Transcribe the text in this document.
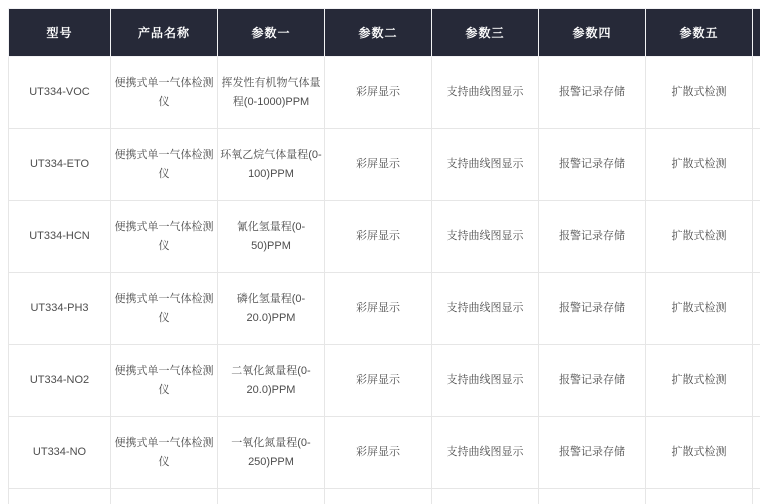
型号	产品名称	参数一	参数二	参数三	参数四	参数五	
UT334-VOC	便携式单一气体检测仪	挥发性有机物气体量程(0-1000)PPM	彩屏显示	支持曲线图显示	报警记录存储	扩散式检测	
UT334-ETO	便携式单一气体检测仪	环氧乙烷气体量程(0-100)PPM	彩屏显示	支持曲线图显示	报警记录存储	扩散式检测	
UT334-HCN	便携式单一气体检测仪	氰化氢量程(0-50)PPM	彩屏显示	支持曲线图显示	报警记录存储	扩散式检测	
UT334-PH3	便携式单一气体检测仪	磷化氢量程(0-20.0)PPM	彩屏显示	支持曲线图显示	报警记录存储	扩散式检测	
UT334-NO2	便携式单一气体检测仪	二氧化氮量程(0-20.0)PPM	彩屏显示	支持曲线图显示	报警记录存储	扩散式检测	
UT334-NO	便携式单一气体检测仪	一氧化氮量程(0-250)PPM	彩屏显示	支持曲线图显示	报警记录存储	扩散式检测	
